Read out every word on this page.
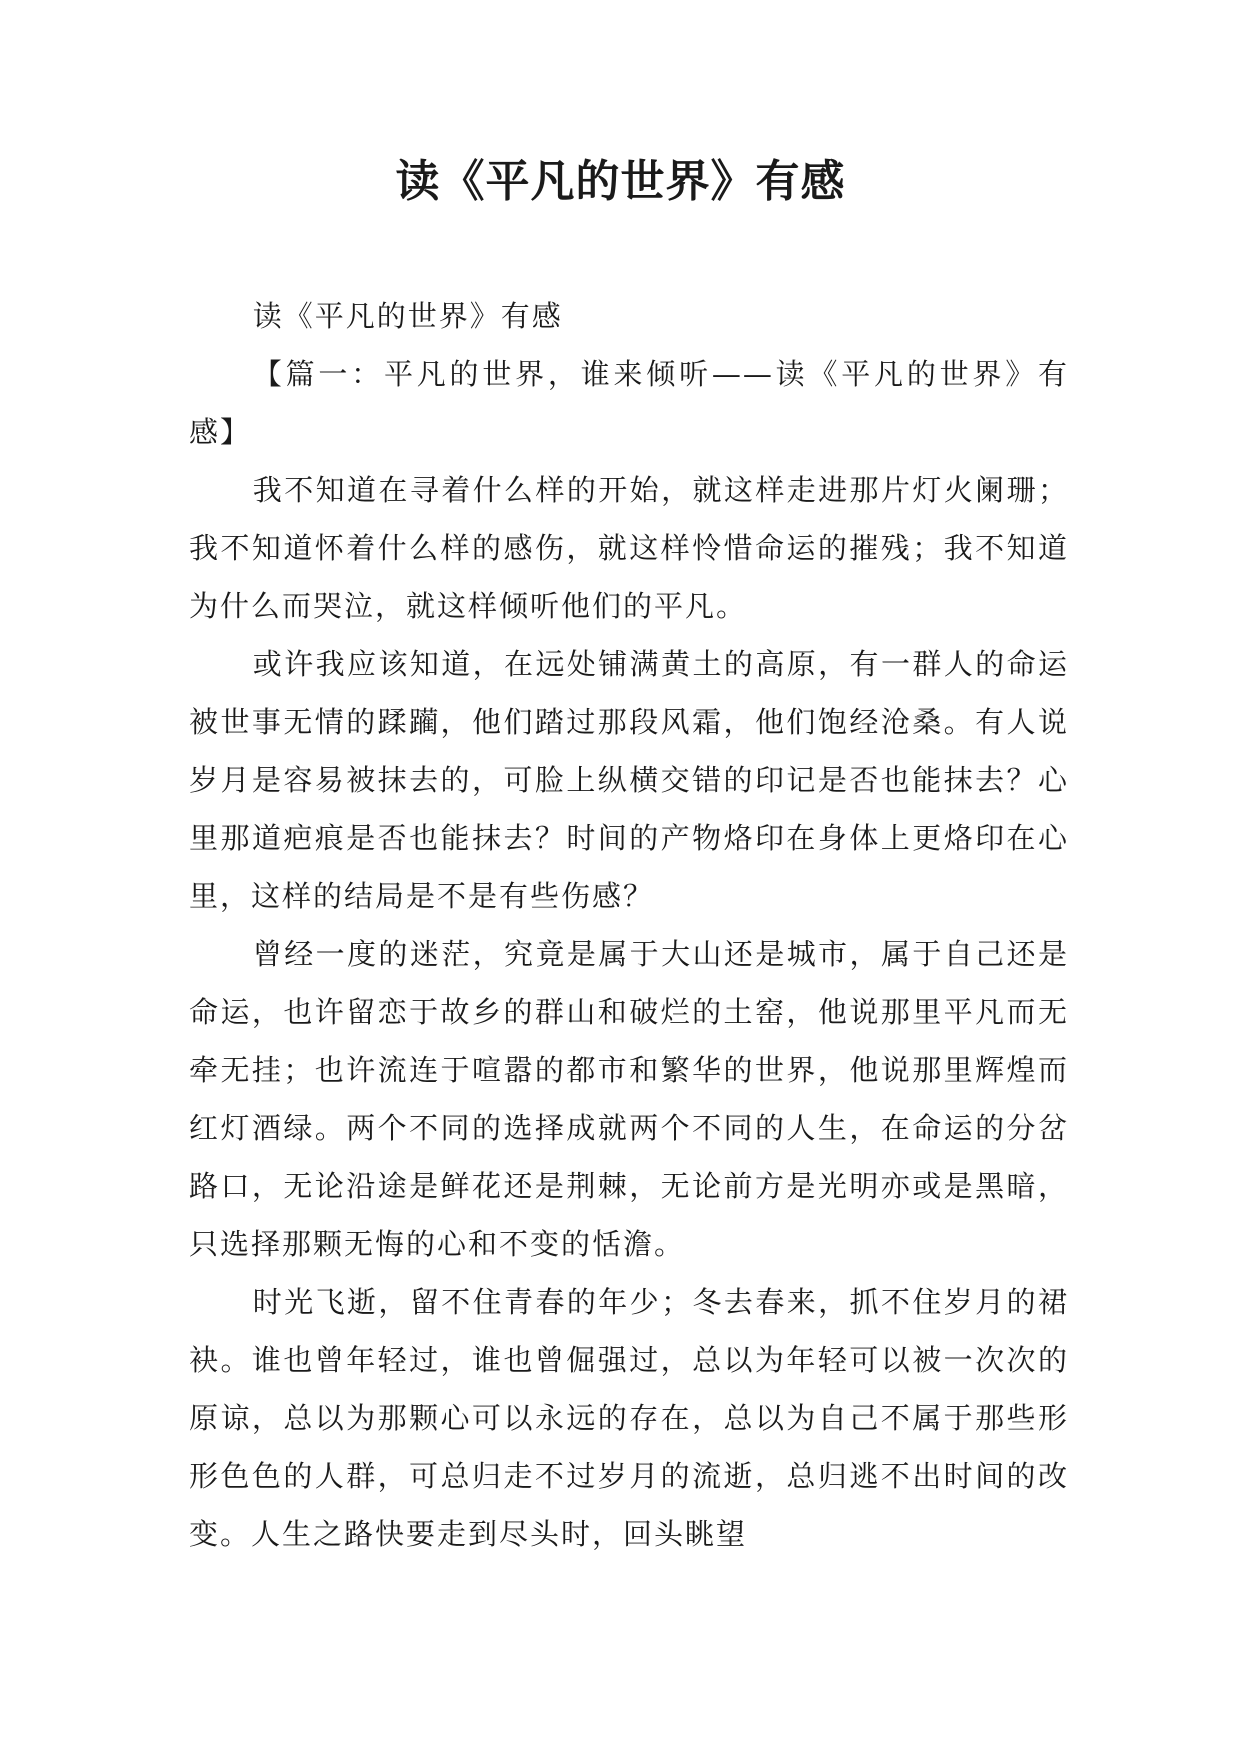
读《平凡的世界》有感

读《平凡的世界》有感

【篇一：平凡的世界，谁来倾听——读《平凡的世界》有感】

我不知道在寻着什么样的开始，就这样走进那片灯火阑珊；我不知道怀着什么样的感伤，就这样怜惜命运的摧残；我不知道为什么而哭泣，就这样倾听他们的平凡。

或许我应该知道，在远处铺满黄土的高原，有一群人的命运被世事无情的蹂躏，他们踏过那段风霜，他们饱经沧桑。有人说岁月是容易被抹去的，可脸上纵横交错的印记是否也能抹去？心里那道疤痕是否也能抹去？时间的产物烙印在身体上更烙印在心里，这样的结局是不是有些伤感？

曾经一度的迷茫，究竟是属于大山还是城市，属于自己还是命运，也许留恋于故乡的群山和破烂的土窑，他说那里平凡而无牵无挂；也许流连于喧嚣的都市和繁华的世界，他说那里辉煌而红灯酒绿。两个不同的选择成就两个不同的人生，在命运的分岔路口，无论沿途是鲜花还是荆棘，无论前方是光明亦或是黑暗，只选择那颗无悔的心和不变的恬澹。

时光飞逝，留不住青春的年少；冬去春来，抓不住岁月的裙袂。谁也曾年轻过，谁也曾倔强过，总以为年轻可以被一次次的原谅，总以为那颗心可以永远的存在，总以为自己不属于那些形形色色的人群，可总归走不过岁月的流逝，总归逃不出时间的改变。人生之路快要走到尽头时，回头眺望
